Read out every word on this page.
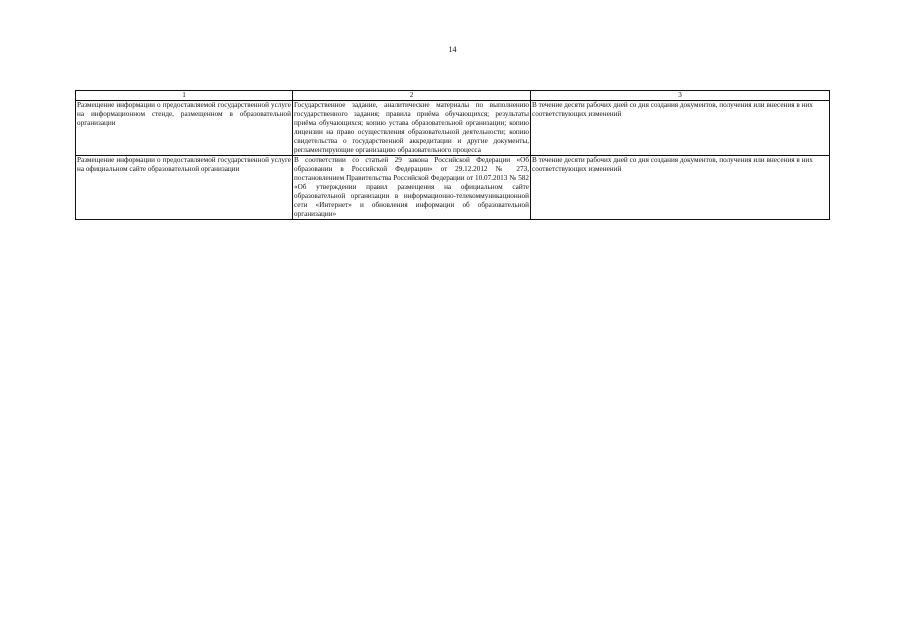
14
1	2	3
Размещение информации о предоставляемой государственной услуге на информационном стенде, размещенном в образовательной организации	Государственное задание, аналитические материалы по выполнению государственного задания; правила приёма обучающихся; результаты приёма обучающихся; копию устава образовательной организации; копию лицензии на право осуществления образовательной деятельности; копию свидетельства о государственной аккредитации и другие документы, регламентирующие организацию образовательного процесса	В течение десяти рабочих дней со дня создания документов, получения или внесения в них соответствующих изменений
Размещение информации о предоставляемой государственной услуге на официальном сайте образовательной организации	В соответствии со статьей 29 закона Российской Федерации «Об образовании в Российской Федерации» от 29.12.2012 № 273, постановлением Правительства Российской Федерации от 10.07.2013 № 582 «Об утверждении правил размещения на официальном сайте образовательной организации в информационно-телекоммуникационной сети «Интернет» и обновления информации об образовательной организации»	В течение десяти рабочих дней со дня создания документов, получения или внесения в них соответствующих изменений
